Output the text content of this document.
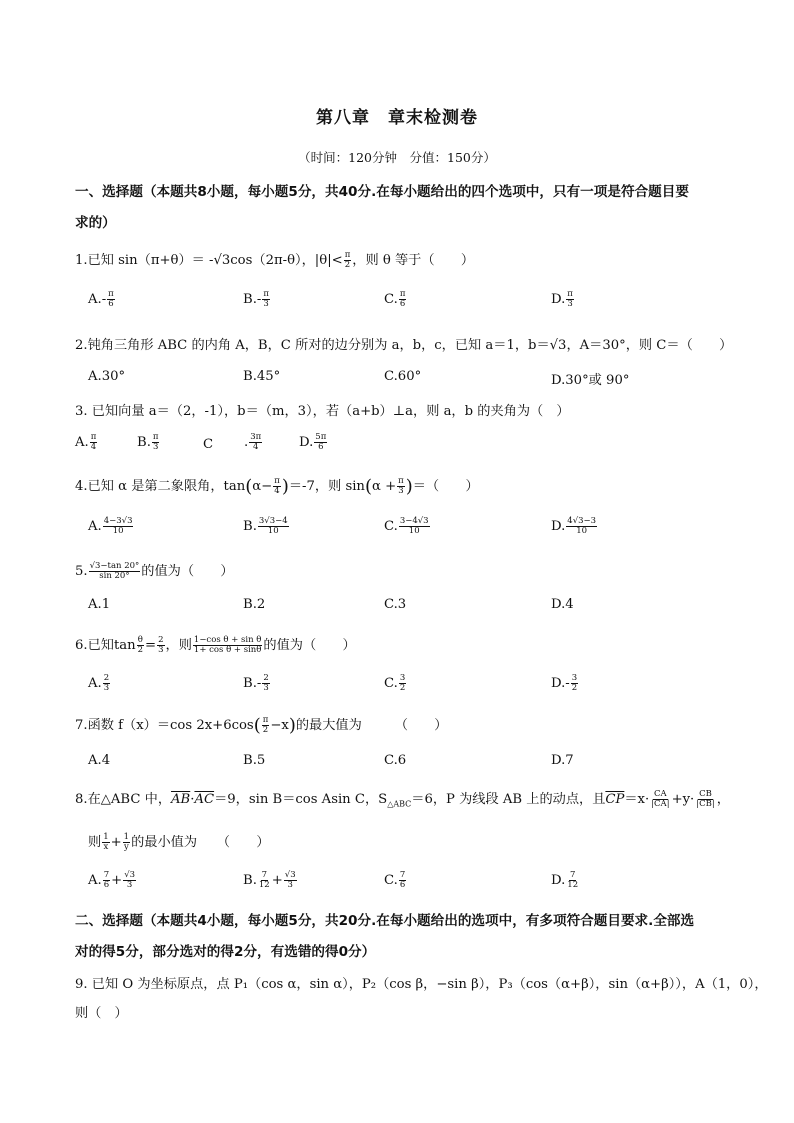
第八章　章末检测卷
（时间：120分钟　分值：150分）
一、选择题（本题共8小题，每小题5分，共40分.在每小题给出的四个选项中，只有一项是符合题目要
求的）
1.已知 sin（π+θ）＝ -√3cos（2π-θ），$|\theta|< \frac{\pi}{2}$ ，则 θ 等于（　　）
$A.- \frac{\pi}{6}$	$B.- \frac{\pi}{3}$	C. $\frac{\pi}{6}$	D. $\frac{\pi}{3}$
2.钝角三角形 ABC 的内角 A，B，C 所对的边分别为 a，b，c，已知 a＝1，b＝√3，A＝30°，则 C＝（　　）
A.30°	B.45°	C.60°	D.30°或 90°
3. 已知向量 a＝（2，-1），b＝（m，3），若（a+b）⊥a，则 a，b 的夹角为（　）
A. $\frac{\pi}{4}$	B. $\frac{\pi}{3}$	C . $\frac{3\pi}{4}$	D. $\frac{5\pi}{6}$
4.已知 α 是第二象限角，$\tan(\alpha- \frac{\pi}{4} )=-7$，则 $\sin(\alpha + \frac{\pi}{3}$ )＝（　　）
A. $\frac{4-3√3}{10}$	B. $\frac{3√3-4}{10}$	C. $\frac{3-4√3}{10}$	D. $\frac{4√3-3}{10}$
5. $\frac{√3-\tan 20^\circ}{\sin 20^\circ}$ 的值为（　　）
A.1	B.2	C.3	D.4
6.已知$\tan \frac{\theta}{2} = \frac{2}{3}$ ，则 $\frac{\text{1−cos θ + sin θ}}{\text{1+ cos θ + sinθ}}$ 的值为（　　）
A. $\frac{2}{3}$	$B.- \frac{2}{3}$	C. $\frac{3}{2}$	$D.- \frac{3}{2}$
7.函数 f（x）＝cos $2x+6\cos( \frac{\pi}{2} -x)$的最大值为　　　（　　）
A.4	B.5	C.6	D.7
8.在△ABC 中，$\overline{AB}\cdot\overline{AC}=9$，sin B＝cos Asin C，$S_{\triangle ABC}=6$，P 为线段 AB 上的动点，且$\overline{CP}=x\cdot \frac{CA}{|CA|} +y\cdot \frac{CB}{|CB|}$ ，
则 $\frac{1}{x} + \frac{1}{y}$ 的最小值为　　（　　）
A. $\frac{7}{6} + \frac{√3}{3}$	B. $\frac{7}{12} + \frac{√3}{3}$	C. $\frac{7}{6}$	D. $\frac{7}{12}$
二、选择题（本题共4小题，每小题5分，共20分.在每小题给出的选项中，有多项符合题目要求.全部选
对的得5分，部分选对的得2分，有选错的得0分）
9. 已知 O 为坐标原点，点 P₁（cos α，sin α），P₂（cos β，−sin β），P₃（cos（α+β），sin（α+β）），A（1，0），
则（　）
